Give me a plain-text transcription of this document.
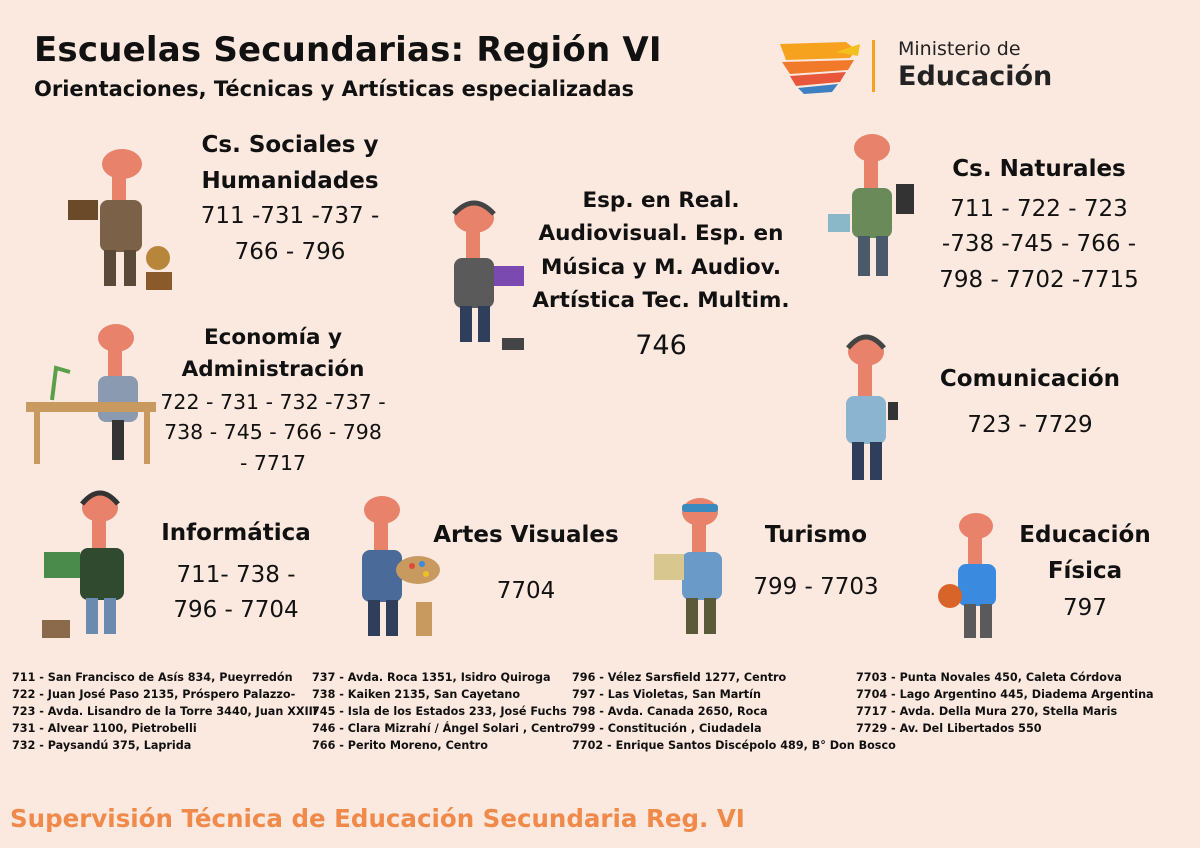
Escuelas Secundarias: Región VI
Orientaciones, Técnicas y Artísticas especializadas
Ministerio de
Educación
Cs. Sociales y
Humanidades
711 -731 -737 -
766 - 796
Esp. en Real.
Audiovisual. Esp. en
Música y M. Audiov.
Artística Tec. Multim.
746
Cs. Naturales
711 - 722 - 723
-738 -745 - 766 -
798 - 7702 -7715
Economía y
Administración
722 - 731 - 732 -737 -
738 - 745 - 766 - 798
- 7717
Comunicación
723 - 7729
Informática
711- 738 -
796 - 7704
Artes Visuales
7704
Turismo
799 - 7703
Educación
Física
797
711 - San Francisco de Asís 834, Pueyrredón
722 - Juan José Paso 2135, Próspero Palazzo-
723 - Avda. Lisandro de la Torre 3440, Juan XXIII
731 - Alvear 1100, Pietrobelli
732 - Paysandú 375, Laprida
737 - Avda. Roca 1351, Isidro Quiroga
738 - Kaiken 2135, San Cayetano
745 - Isla de los Estados 233, José Fuchs
746 - Clara Mizrahí / Ángel Solari , Centro
766 - Perito Moreno, Centro
796 - Vélez Sarsfield 1277, Centro
797 - Las Violetas, San Martín
798 - Avda. Canada 2650, Roca
799 - Constitución , Ciudadela
7702 - Enrique Santos Discépolo 489, B° Don Bosco
7703 - Punta Novales 450, Caleta Córdova
7704 - Lago Argentino 445, Diadema Argentina
7717 - Avda. Della Mura 270, Stella Maris
7729 - Av. Del Libertados 550
Supervisión Técnica de Educación Secundaria Reg. VI
